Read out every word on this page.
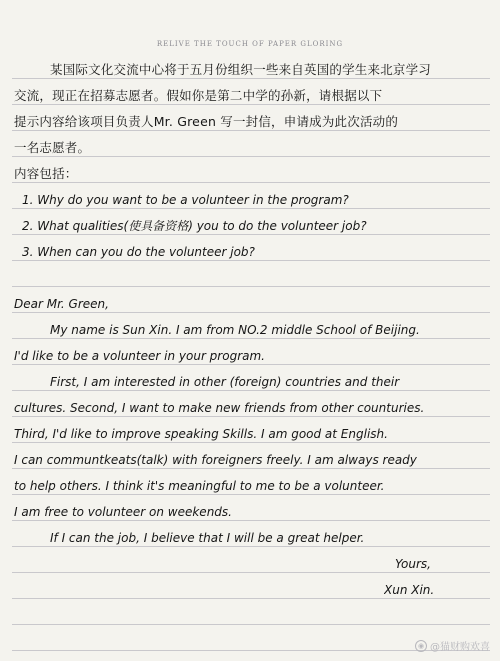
RELIVE THE TOUCH OF PAPER GLORING
某国际文化交流中心将于五月份组织一些来自英国的学生来北京学习
交流，现正在招募志愿者。假如你是第二中学的孙新，请根据以下
提示内容给该项目负责人Mr. Green 写一封信，申请成为此次活动的
一名志愿者。
内容包括：
1. Why do you want to be a volunteer in the program?
2. What qualities(使具备资格) you to do the volunteer job?
3. When can you do the volunteer job?
Dear Mr. Green,
My name is Sun Xin. I am from NO.2 middle School of Beijing.
I'd like to be a volunteer in your program.
First, I am interested in other (foreign) countries and their
cultures. Second, I want to make new friends from other counturies.
Third, I'd like to improve speaking Skills. I am good at English.
I can communtkeats(talk) with foreigners freely. I am always ready
to help others. I think it's meaningful to me to be a volunteer.
I am free to volunteer on weekends.
If I can the job, I believe that I will be a great helper.
Yours,
Xun Xin.
◉ @猫财购欢喜
